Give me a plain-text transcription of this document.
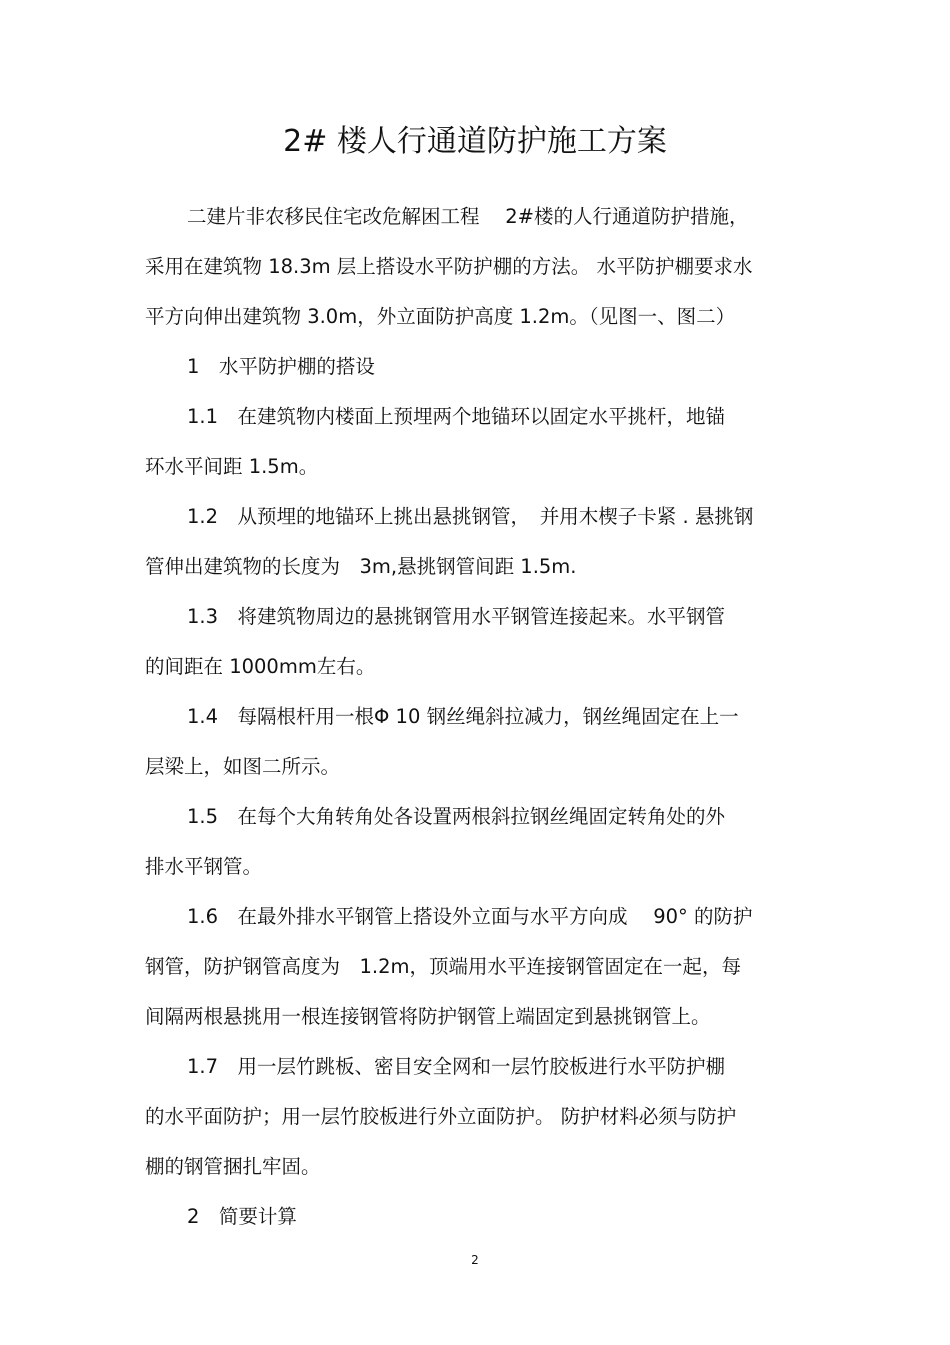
2# 楼人行通道防护施工方案
二建片非农移民住宅改危解困工程　 2#楼的人行通道防护措施，
采用在建筑物 18.3m 层上搭设水平防护棚的方法。 水平防护棚要求水
平方向伸出建筑物 3.0m，外立面防护高度 1.2m。（见图一、图二）
1　水平防护棚的搭设
1.1　在建筑物内楼面上预埋两个地锚环以固定水平挑杆，地锚
环水平间距 1.5m。
1.2　从预埋的地锚环上挑出悬挑钢管，　并用木楔子卡紧 . 悬挑钢
管伸出建筑物的长度为　3m,悬挑钢管间距 1.5m.
1.3　将建筑物周边的悬挑钢管用水平钢管连接起来。水平钢管
的间距在 1000mm左右。
1.4　每隔根杆用一根Φ 10 钢丝绳斜拉减力，钢丝绳固定在上一
层梁上，如图二所示。
1.5　在每个大角转角处各设置两根斜拉钢丝绳固定转角处的外
排水平钢管。
1.6　在最外排水平钢管上搭设外立面与水平方向成　 90° 的防护
钢管，防护钢管高度为　1.2m，顶端用水平连接钢管固定在一起，每
间隔两根悬挑用一根连接钢管将防护钢管上端固定到悬挑钢管上。
1.7　用一层竹跳板、密目安全网和一层竹胶板进行水平防护棚
的水平面防护；用一层竹胶板进行外立面防护。 防护材料必须与防护
棚的钢管捆扎牢固。
2　简要计算
2
